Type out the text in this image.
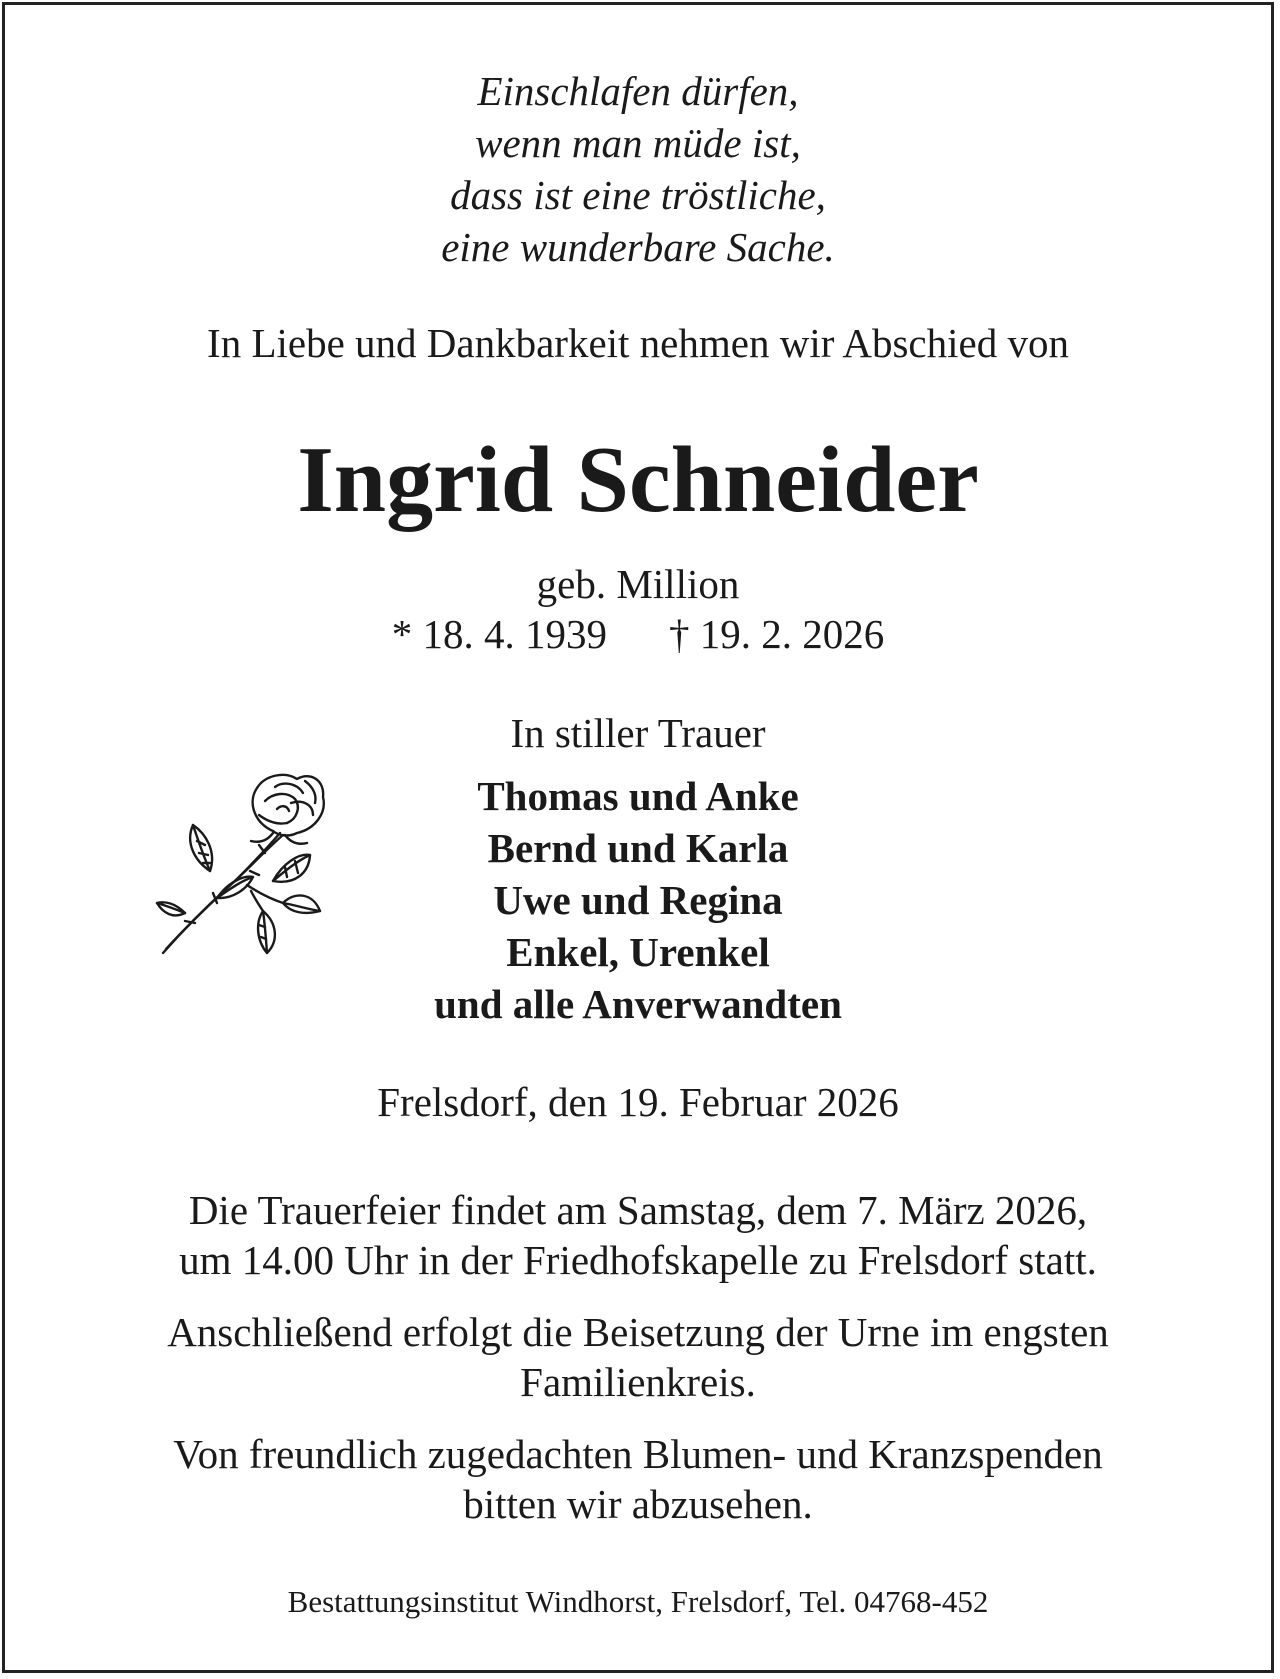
Einschlafen dürfen,
wenn man müde ist,
dass ist eine tröstliche,
eine wunderbare Sache.
In Liebe und Dankbarkeit nehmen wir Abschied von
Ingrid Schneider
geb. Million
* 18. 4. 1939 † 19. 2. 2026
In stiller Trauer
Thomas und Anke
Bernd und Karla
Uwe und Regina
Enkel, Urenkel
und alle Anverwandten
Frelsdorf, den 19. Februar 2026
Die Trauerfeier findet am Samstag, dem 7. März 2026,
um 14.00 Uhr in der Friedhofskapelle zu Frelsdorf statt.
Anschließend erfolgt die Beisetzung der Urne im engsten
Familienkreis.
Von freundlich zugedachten Blumen- und Kranzspenden
bitten wir abzusehen.
Bestattungsinstitut Windhorst, Frelsdorf, Tel. 04768-452
